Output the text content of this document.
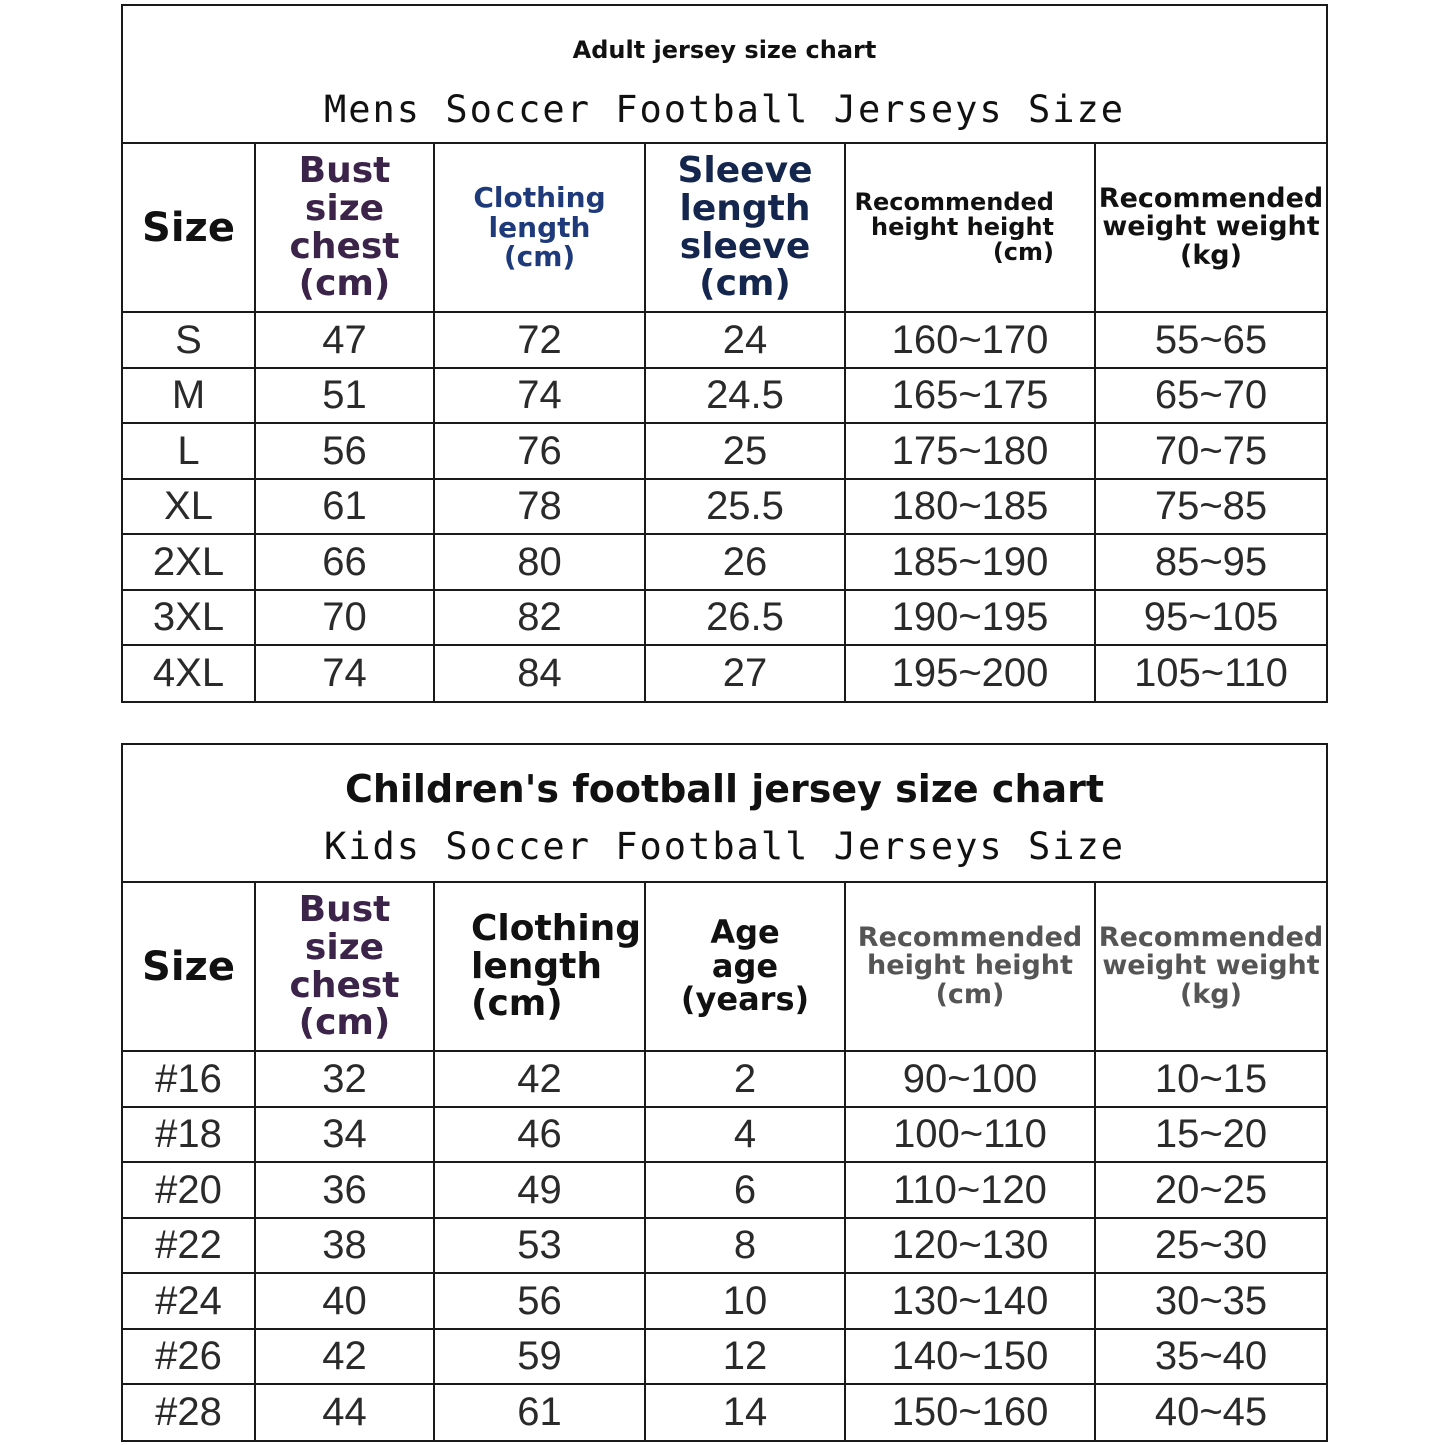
Adult jersey size chart
Mens Soccer Football Jerseys Size
Size	Bust
size
chest
(cm)	Clothing
length
(cm)	Sleeve
length
sleeve
(cm)	Recommended
height height
(cm)	Recommended
weight weight
(kg)

S	47	72	24	160~170	55~65
M	51	74	24.5	165~175	65~70
L	56	76	25	175~180	70~75
XL	61	78	25.5	180~185	75~85
2XL	66	80	26	185~190	85~95
3XL	70	82	26.5	190~195	95~105
4XL	74	84	27	195~200	105~110
Children's football jersey size chart
Kids Soccer Football Jerseys Size
Size	Bust
size
chest
(cm)	Clothing
length
(cm)	Age
age
(years)	Recommended
height height
(cm)	Recommended
weight weight
(kg)

#16	32	42	2	90~100	10~15
#18	34	46	4	100~110	15~20
#20	36	49	6	110~120	20~25
#22	38	53	8	120~130	25~30
#24	40	56	10	130~140	30~35
#26	42	59	12	140~150	35~40
#28	44	61	14	150~160	40~45
